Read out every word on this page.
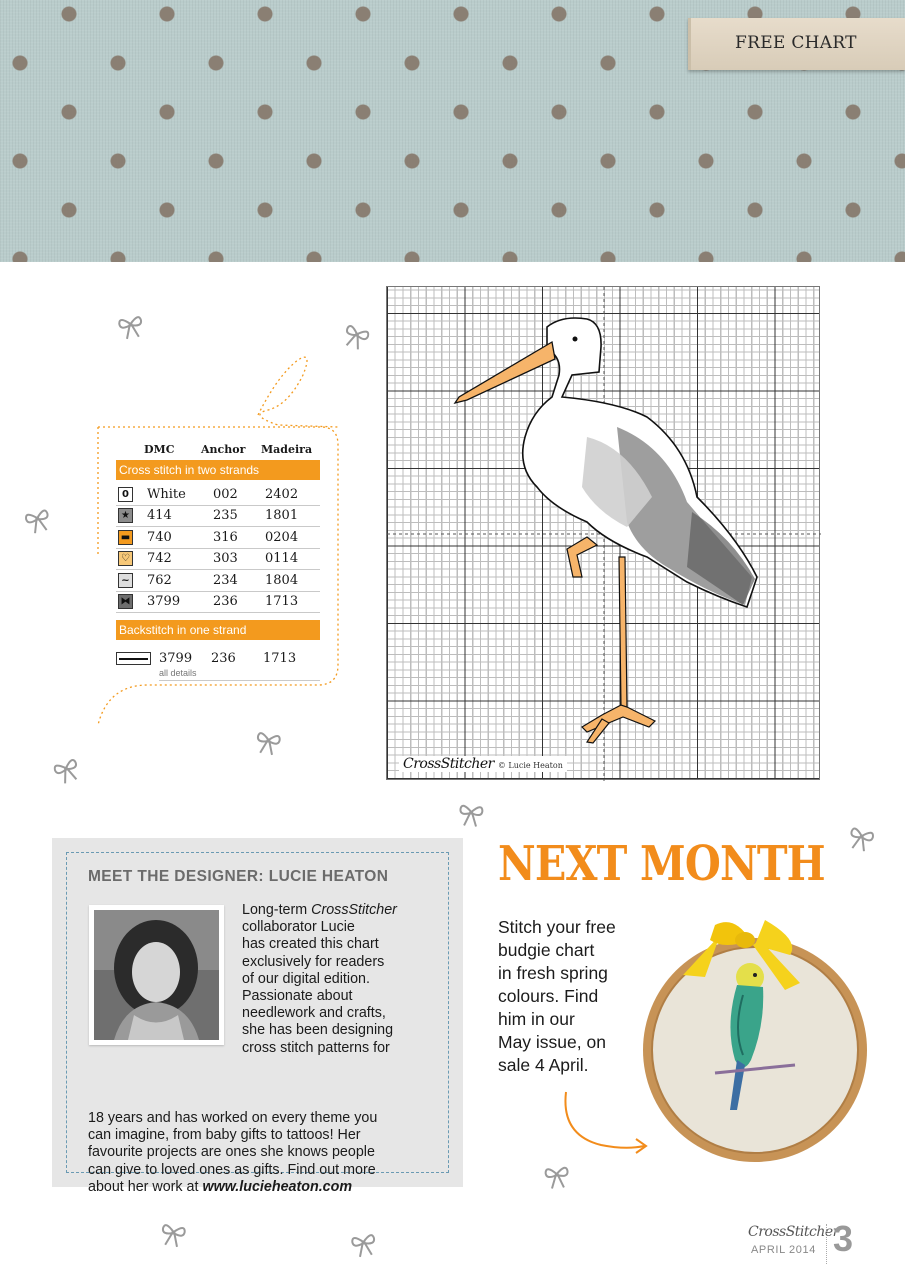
FREE CHART
DMC	Anchor	Madeira
Cross stitch in two strands
0	White	002	2402
★ 414	235	1801
▬ 740	316	0204
♡ 742	303	0114
~ 762	234	1804
⧓ 3799	236	1713
Backstitch in one strand
3799	236	1713
all details
CrossStitcher © Lucie Heaton
MEET THE DESIGNER: LUCIE HEATON

Long-term CrossStitcher

collaborator Lucie

has created this chart

exclusively for readers

of our digital edition.

Passionate about

needlework and crafts,

she has been designing

cross stitch patterns for

18 years and has worked on every theme you

can imagine, from baby gifts to tattoos! Her

favourite projects are ones she knows people

can give to loved ones as gifts. Find out more

about her work at www.lucieheaton.com

NEXT MONTH

Stitch your free

budgie chart

in fresh spring

colours. Find

him in our

May issue, on

sale 4 April.

CrossStitcher
APRIL 2014 3
